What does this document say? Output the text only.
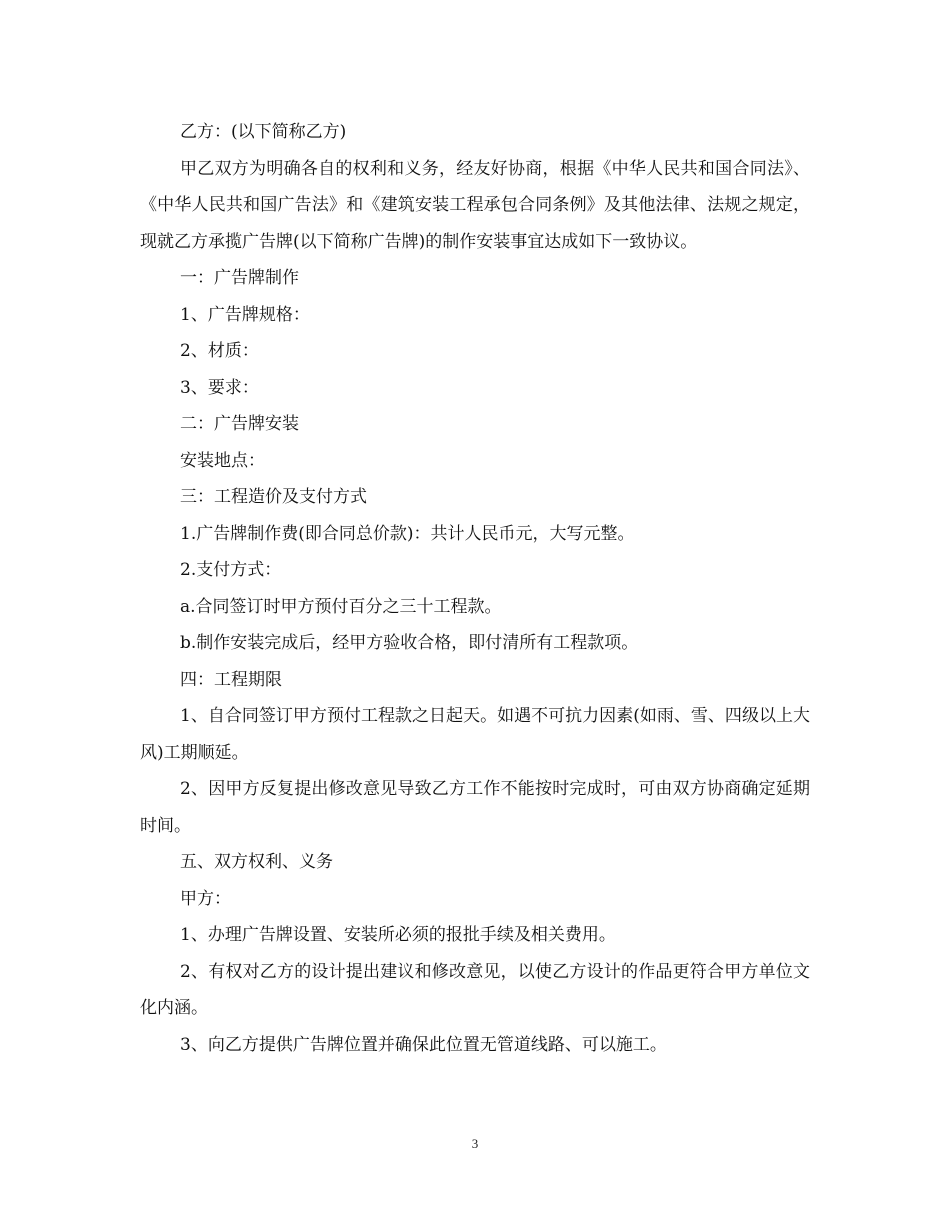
乙方：(以下简称乙方)

甲乙双方为明确各自的权利和义务，经友好协商，根据《中华人民共和国合同法》、《中华人民共和国广告法》和《建筑安装工程承包合同条例》及其他法律、法规之规定，现就乙方承揽广告牌(以下简称广告牌)的制作安装事宜达成如下一致协议。

一：广告牌制作

1、广告牌规格：

2、材质：

3、要求：

二：广告牌安装

安装地点：

三：工程造价及支付方式

1.广告牌制作费(即合同总价款)：共计人民币元，大写元整。

2.支付方式：

a.合同签订时甲方预付百分之三十工程款。

b.制作安装完成后，经甲方验收合格，即付清所有工程款项。

四：工程期限

1、自合同签订甲方预付工程款之日起天。如遇不可抗力因素(如雨、雪、四级以上大风)工期顺延。

2、因甲方反复提出修改意见导致乙方工作不能按时完成时，可由双方协商确定延期时间。

五、双方权利、义务

甲方：

1、办理广告牌设置、安装所必须的报批手续及相关费用。

2、有权对乙方的设计提出建议和修改意见，以使乙方设计的作品更符合甲方单位文化内涵。

3、向乙方提供广告牌位置并确保此位置无管道线路、可以施工。

3
